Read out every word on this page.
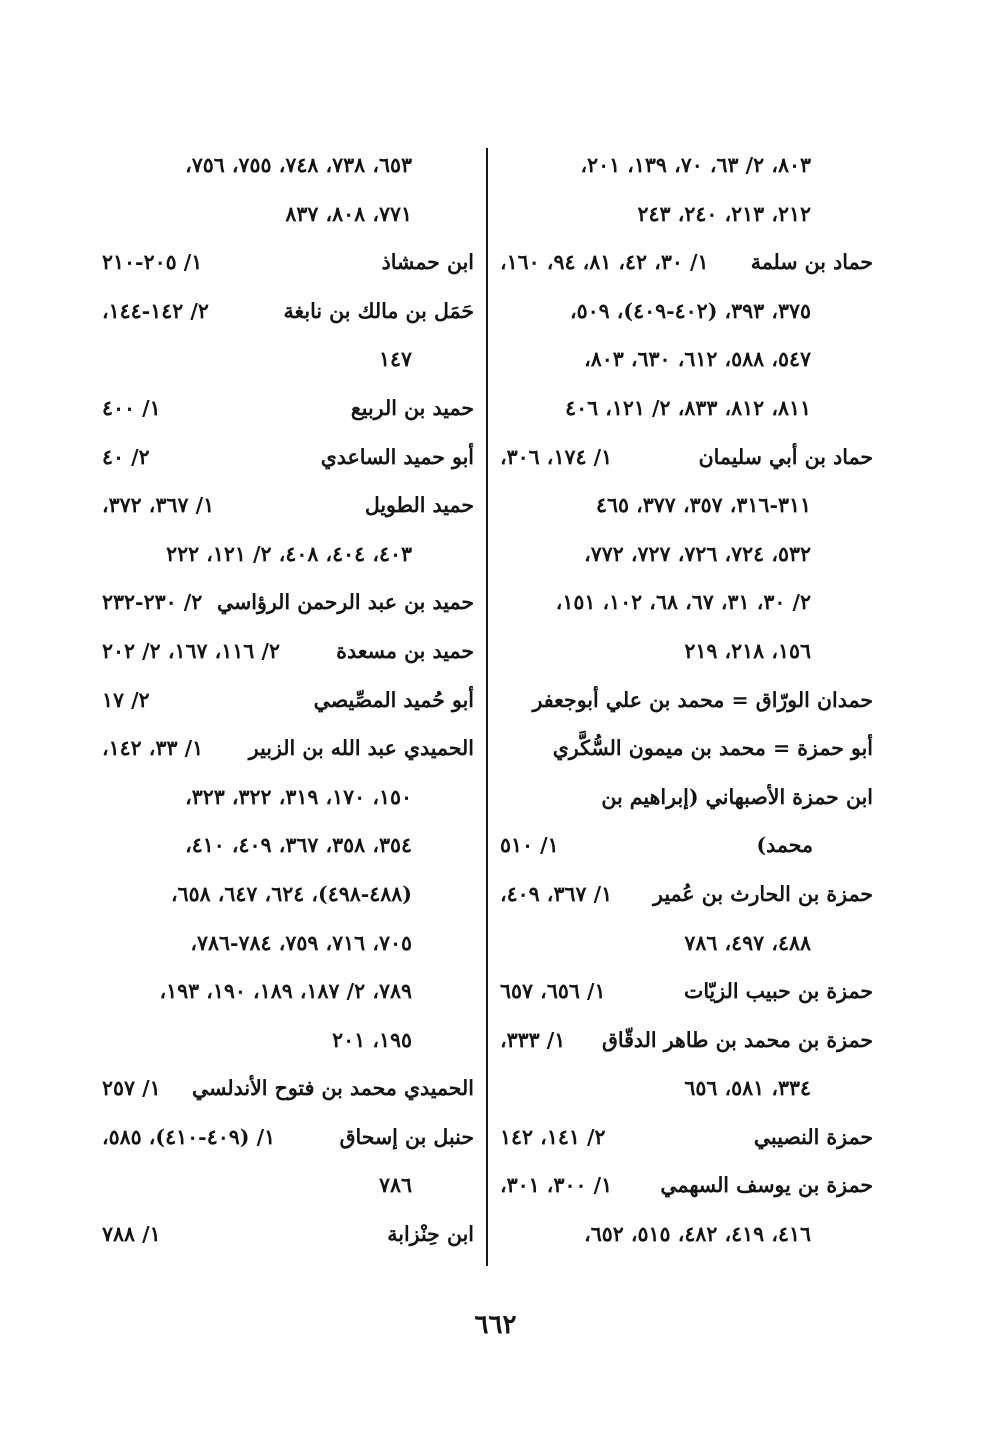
٨٠٣، ٢/ ٦٣، ٧٠، ١٣٩، ٢٠١،
٢١٢، ٢١٣، ٢٤٠، ٢٤٣
حماد بن سلمة
١/ ٣٠، ٤٢، ٨١، ٩٤، ١٦٠،
٣٧٥، ٣٩٣، (٤٠٢-٤٠٩)، ٥٠٩،
٥٤٧، ٥٨٨، ٦١٢، ٦٣٠، ٨٠٣،
٨١١، ٨١٢، ٨٣٣، ٢/ ١٢١، ٤٠٦
حماد بن أبي سليمان
١/ ١٧٤، ٣٠٦،
٣١١-٣١٦، ٣٥٧، ٣٧٧، ٤٦٥
٥٣٢، ٧٢٤، ٧٢٦، ٧٢٧، ٧٧٢،
٢/ ٣٠، ٣١، ٦٧، ٦٨، ١٠٢، ١٥١،
١٥٦، ٢١٨، ٢١٩
حمدان الورّاق = محمد بن علي أبوجعفر
أبو حمزة = محمد بن ميمون السُّكَّري
ابن حمزة الأصبهاني (إبراهيم بن
محمد)
١/ ٥١٠
حمزة بن الحارث بن عُمير
١/ ٣٦٧، ٤٠٩،
٤٨٨، ٤٩٧، ٧٨٦
حمزة بن حبيب الزيّات
١/ ٦٥٦، ٦٥٧
حمزة بن محمد بن طاهر الدقّاق
١/ ٣٣٣،
٣٣٤، ٥٨١، ٦٥٦
حمزة النصيبي
٢/ ١٤١، ١٤٢
حمزة بن يوسف السهمي
١/ ٣٠٠، ٣٠١،
٤١٦، ٤١٩، ٤٨٢، ٥١٥، ٦٥٢،
٦٥٣، ٧٣٨، ٧٤٨، ٧٥٥، ٧٥٦،
٧٧١، ٨٠٨، ٨٣٧
ابن حمشاذ
١/ ٢٠٥-٢١٠
حَمَل بن مالك بن نابغة
٢/ ١٤٢-١٤٤،
١٤٧
حميد بن الربيع
١/ ٤٠٠
أبو حميد الساعدي
٢/ ٤٠
حميد الطويل
١/ ٣٦٧، ٣٧٢،
٤٠٣، ٤٠٤، ٤٠٨، ٢/ ١٢١، ٢٢٢
حميد بن عبد الرحمن الرؤاسي
٢/ ٢٣٠-٢٣٢
حميد بن مسعدة
٢/ ١١٦، ١٦٧، ٢/ ٢٠٢
أبو حُميد المصِّيصي
٢/ ١٧
الحميدي عبد الله بن الزبير
١/ ٣٣، ١٤٢،
١٥٠، ١٧٠، ٣١٩، ٣٢٢، ٣٢٣،
٣٥٤، ٣٥٨، ٣٦٧، ٤٠٩، ٤١٠،
(٤٨٨-٤٩٨)، ٦٢٤، ٦٤٧، ٦٥٨،
٧٠٥، ٧١٦، ٧٥٩، ٧٨٤-٧٨٦،
٧٨٩، ٢/ ١٨٧، ١٨٩، ١٩٠، ١٩٣،
١٩٥، ٢٠١
الحميدي محمد بن فتوح الأندلسي
١/ ٢٥٧
حنبل بن إسحاق
١/ (٤٠٩-٤١٠)، ٥٨٥،
٧٨٦
ابن حِنْزابة
١/ ٧٨٨
٦٦٢
